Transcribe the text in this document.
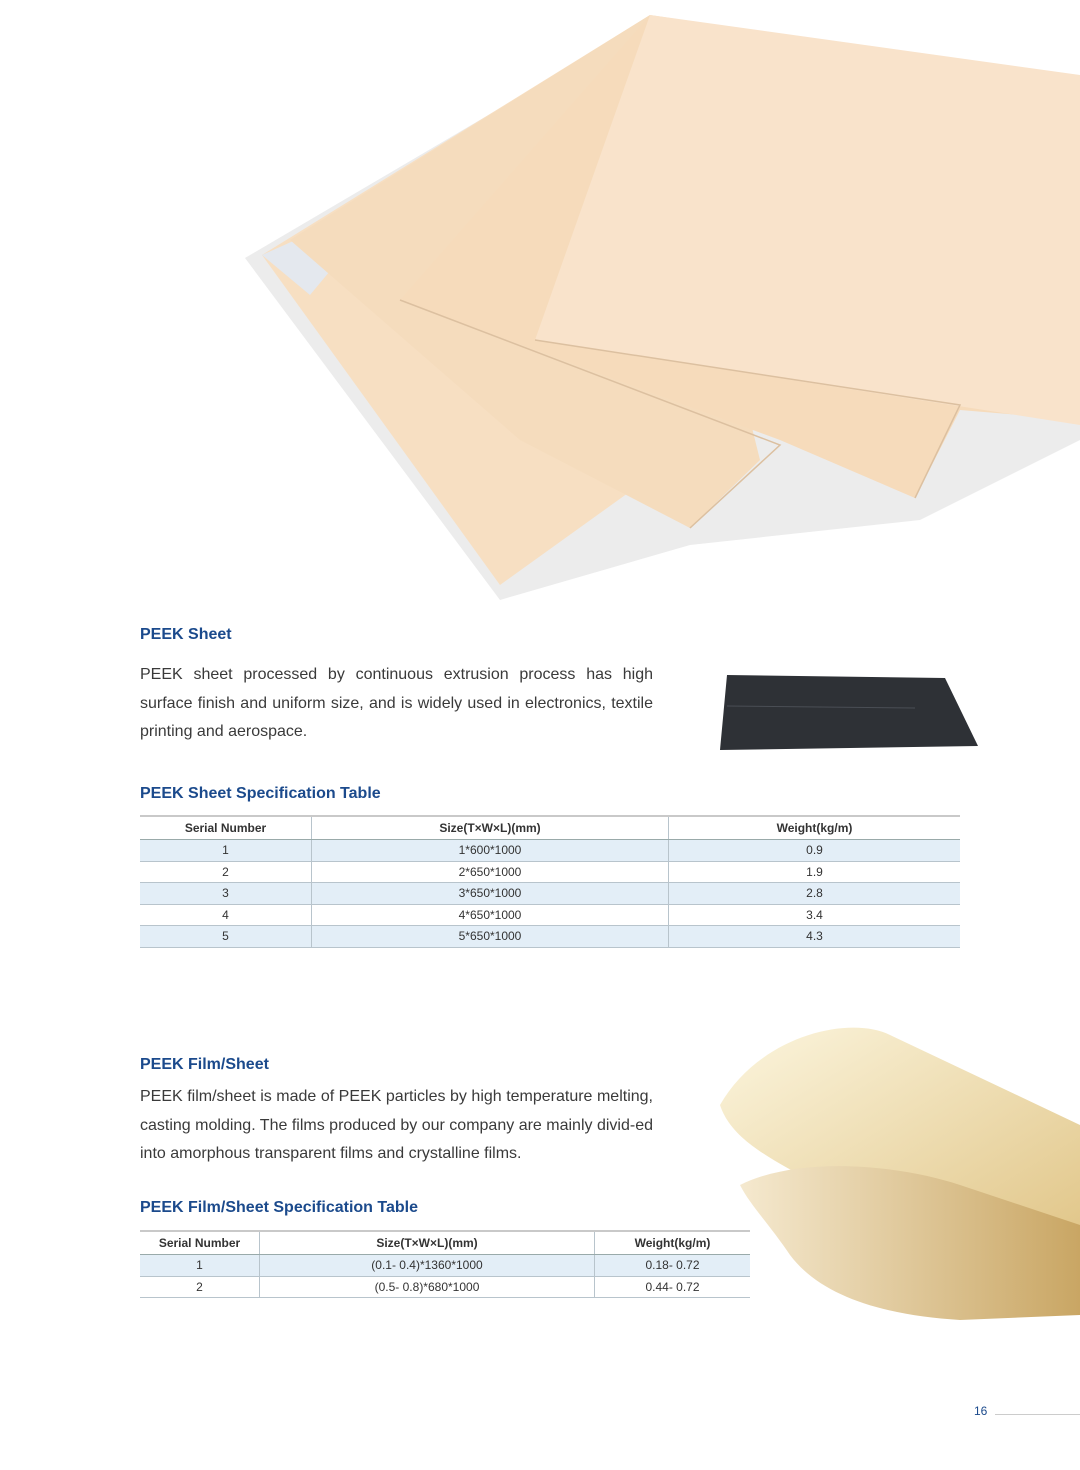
PEEK Sheet

PEEK sheet processed by continuous extrusion process has high surface finish and uniform size, and is widely used in electronics, textile printing and aerospace.

PEEK Sheet Specification Table
Serial Number	Size(T×W×L)(mm)	Weight(kg/m)
1	1*600*1000	0.9
2	2*650*1000	1.9
3	3*650*1000	2.8
4	4*650*1000	3.4
5	5*650*1000	4.3
PEEK Film/Sheet

PEEK film/sheet is made of PEEK particles by high temperature melting, casting molding. The films produced by our company are mainly divid-ed into amorphous transparent films and crystalline films.

PEEK Film/Sheet Specification Table
Serial Number	Size(T×W×L)(mm)	Weight(kg/m)
1	(0.1- 0.4)*1360*1000	0.18- 0.72
2	(0.5- 0.8)*680*1000	0.44- 0.72
16
